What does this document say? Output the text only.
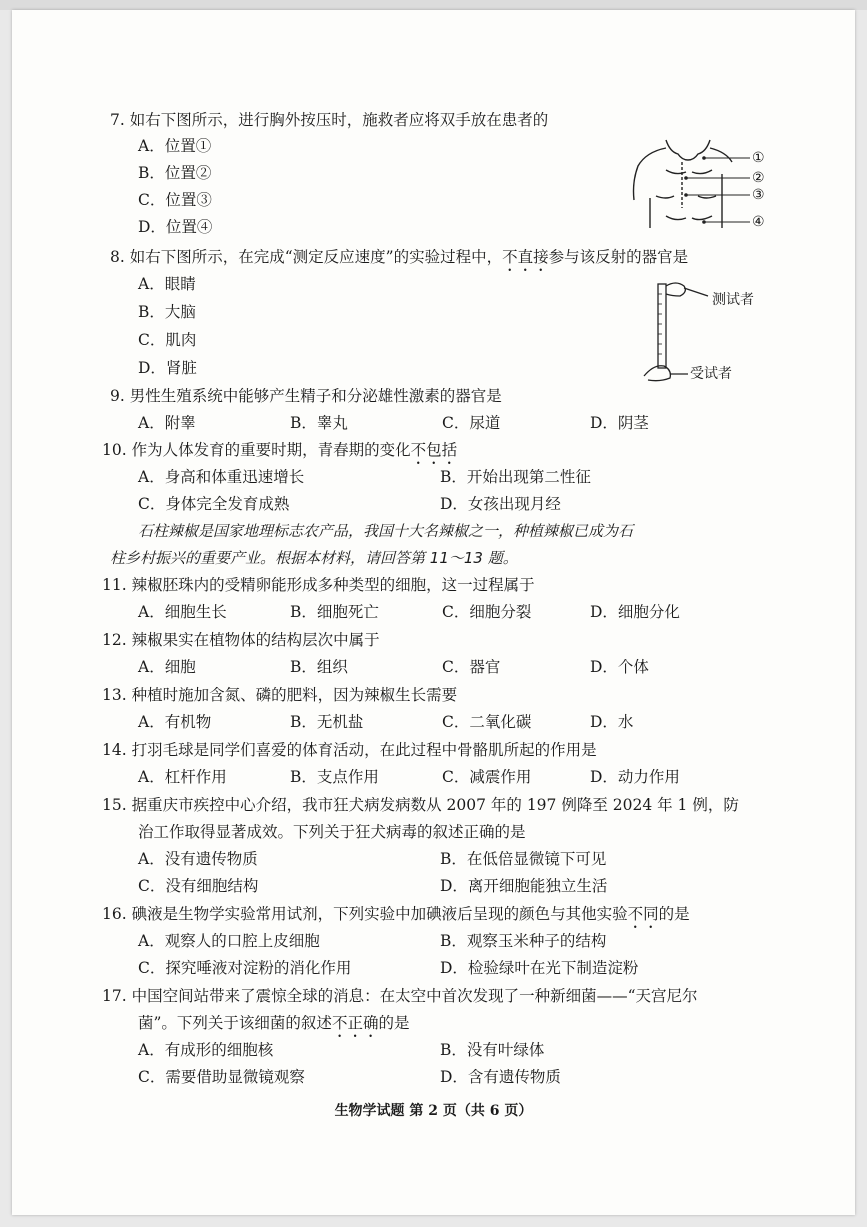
7. 如右下图所示，进行胸外按压时，施救者应将双手放在患者的
A．位置①
B．位置②
C．位置③
D．位置④
①
②
③
④
8. 如右下图所示，在完成“测定反应速度”的实验过程中，不直接参与该反射的器官是
A．眼睛
B．大脑
C．肌肉
D．肾脏
测试者
受试者
9. 男性生殖系统中能够产生精子和分泌雄性激素的器官是
A．附睾	B．睾丸	C．尿道	D．阴茎
10. 作为人体发育的重要时期，青春期的变化不包括
A．身高和体重迅速增长	B．开始出现第二性征
C．身体完全发育成熟	D．女孩出现月经
石柱辣椒是国家地理标志农产品，我国十大名辣椒之一，种植辣椒已成为石
柱乡村振兴的重要产业。根据本材料，请回答第 11～13 题。
11. 辣椒胚珠内的受精卵能形成多种类型的细胞，这一过程属于
A．细胞生长	B．细胞死亡	C．细胞分裂	D．细胞分化
12. 辣椒果实在植物体的结构层次中属于
A．细胞	B．组织	C．器官	D．个体
13. 种植时施加含氮、磷的肥料，因为辣椒生长需要
A．有机物	B．无机盐	C．二氧化碳	D．水
14. 打羽毛球是同学们喜爱的体育活动，在此过程中骨骼肌所起的作用是
A．杠杆作用	B．支点作用	C．减震作用	D．动力作用
15. 据重庆市疾控中心介绍，我市狂犬病发病数从 2007 年的 197 例降至 2024 年 1 例，防
治工作取得显著成效。下列关于狂犬病毒的叙述正确的是
A．没有遗传物质	B．在低倍显微镜下可见
C．没有细胞结构	D．离开细胞能独立生活
16. 碘液是生物学实验常用试剂，下列实验中加碘液后呈现的颜色与其他实验不同的是
A．观察人的口腔上皮细胞	B．观察玉米种子的结构
C．探究唾液对淀粉的消化作用	D．检验绿叶在光下制造淀粉
17. 中国空间站带来了震惊全球的消息：在太空中首次发现了一种新细菌——“天宫尼尔
菌”。下列关于该细菌的叙述不正确的是
A．有成形的细胞核	B．没有叶绿体
C．需要借助显微镜观察	D．含有遗传物质
生物学试题 第 2 页（共 6 页）
